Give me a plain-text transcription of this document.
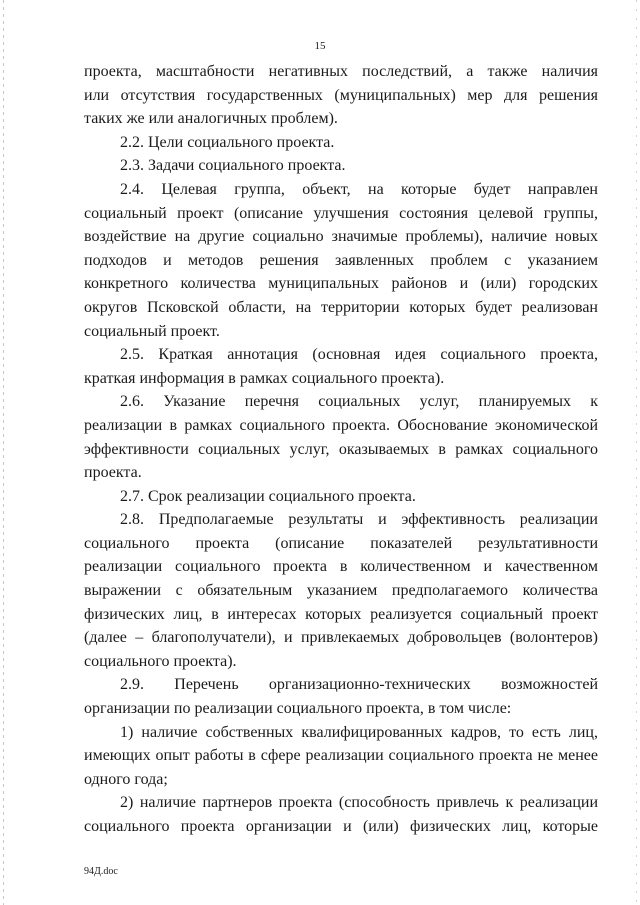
15
проекта, масштабности негативных последствий, а также наличия
или отсутствия государственных (муниципальных) мер для решения
таких же или аналогичных проблем).
2.2. Цели социального проекта.
2.3. Задачи социального проекта.
2.4. Целевая группа, объект, на которые будет направлен
социальный проект (описание улучшения состояния целевой группы,
воздействие на другие социально значимые проблемы), наличие новых
подходов и методов решения заявленных проблем с указанием
конкретного количества муниципальных районов и (или) городских
округов Псковской области, на территории которых будет реализован
социальный проект.
2.5. Краткая аннотация (основная идея социального проекта,
краткая информация в рамках социального проекта).
2.6. Указание перечня социальных услуг, планируемых к
реализации в рамках социального проекта. Обоснование экономической
эффективности социальных услуг, оказываемых в рамках социального
проекта.
2.7. Срок реализации социального проекта.
2.8. Предполагаемые результаты и эффективность реализации
социального проекта (описание показателей результативности
реализации социального проекта в количественном и качественном
выражении с обязательным указанием предполагаемого количества
физических лиц, в интересах которых реализуется социальный проект
(далее – благополучатели), и привлекаемых добровольцев (волонтеров)
социального проекта).
2.9. Перечень организационно-технических возможностей
организации по реализации социального проекта, в том числе:
1) наличие собственных квалифицированных кадров, то есть лиц,
имеющих опыт работы в сфере реализации социального проекта не менее
одного года;
2) наличие партнеров проекта (способность привлечь к реализации
социального проекта организации и (или) физических лиц, которые
94Д.doc
